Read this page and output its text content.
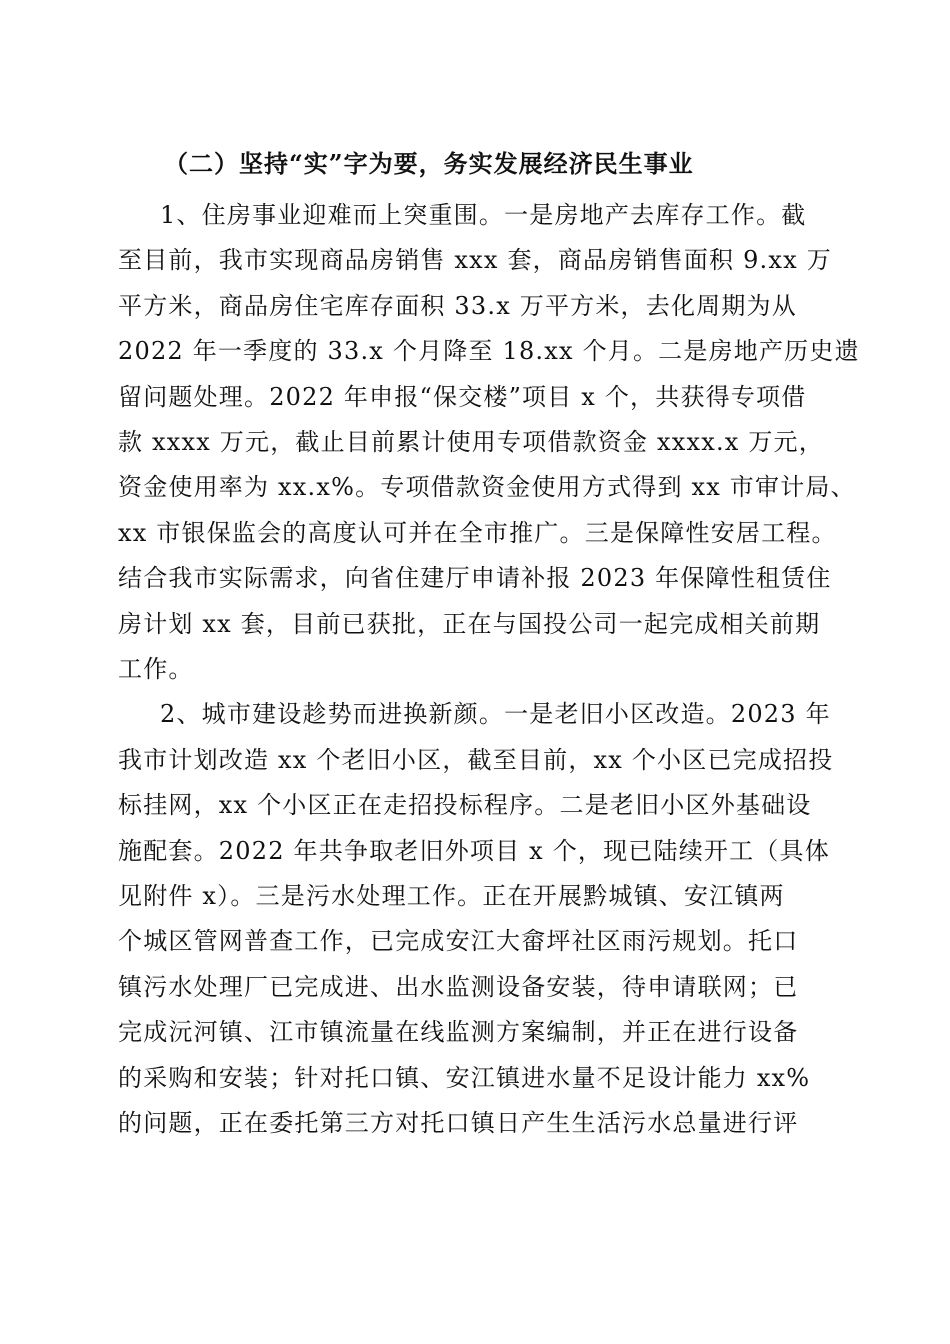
（二）坚持“实”字为要，务实发展经济民生事业
1、住房事业迎难而上突重围。一是房地产去库存工作。截
至目前，我市实现商品房销售 xxx 套，商品房销售面积 9.xx 万
平方米，商品房住宅库存面积 33.x 万平方米，去化周期为从
2022 年一季度的 33.x 个月降至 18.xx 个月。二是房地产历史遗
留问题处理。2022 年申报“保交楼”项目 x 个，共获得专项借
款 xxxx 万元，截止目前累计使用专项借款资金 xxxx.x 万元，
资金使用率为 xx.x%。专项借款资金使用方式得到 xx 市审计局、
xx 市银保监会的高度认可并在全市推广。三是保障性安居工程。
结合我市实际需求，向省住建厅申请补报 2023 年保障性租赁住
房计划 xx 套，目前已获批，正在与国投公司一起完成相关前期
工作。
2、城市建设趁势而进换新颜。一是老旧小区改造。2023 年
我市计划改造 xx 个老旧小区，截至目前，xx 个小区已完成招投
标挂网，xx 个小区正在走招投标程序。二是老旧小区外基础设
施配套。2022 年共争取老旧外项目 x 个，现已陆续开工（具体
见附件 x）。三是污水处理工作。正在开展黔城镇、安江镇两
个城区管网普查工作，已完成安江大畲坪社区雨污规划。托口
镇污水处理厂已完成进、出水监测设备安装，待申请联网；已
完成沅河镇、江市镇流量在线监测方案编制，并正在进行设备
的采购和安装；针对托口镇、安江镇进水量不足设计能力 xx%
的问题，正在委托第三方对托口镇日产生生活污水总量进行评
